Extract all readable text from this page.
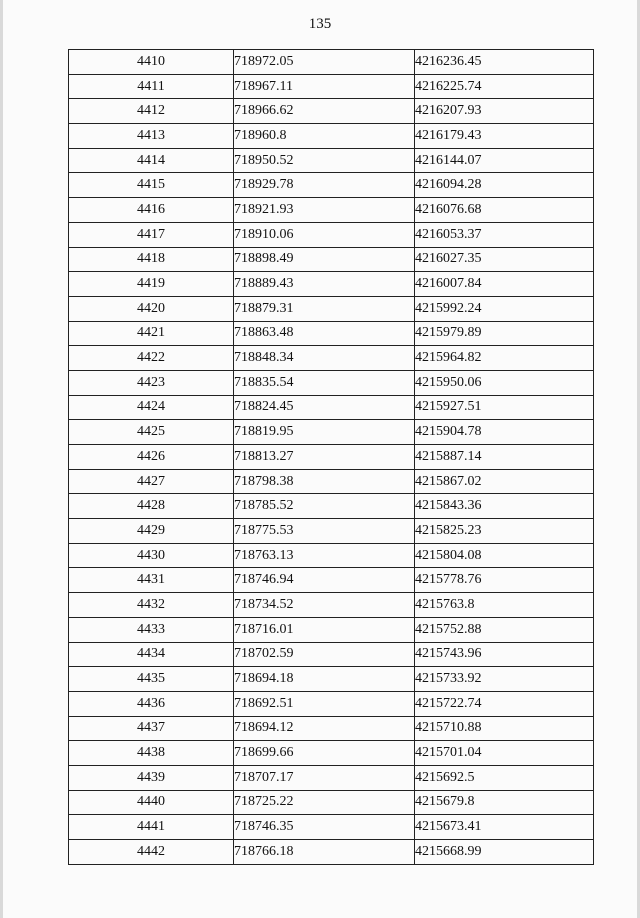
135
4410	718972.05	4216236.45
4411	718967.11	4216225.74
4412	718966.62	4216207.93
4413	718960.8	4216179.43
4414	718950.52	4216144.07
4415	718929.78	4216094.28
4416	718921.93	4216076.68
4417	718910.06	4216053.37
4418	718898.49	4216027.35
4419	718889.43	4216007.84
4420	718879.31	4215992.24
4421	718863.48	4215979.89
4422	718848.34	4215964.82
4423	718835.54	4215950.06
4424	718824.45	4215927.51
4425	718819.95	4215904.78
4426	718813.27	4215887.14
4427	718798.38	4215867.02
4428	718785.52	4215843.36
4429	718775.53	4215825.23
4430	718763.13	4215804.08
4431	718746.94	4215778.76
4432	718734.52	4215763.8
4433	718716.01	4215752.88
4434	718702.59	4215743.96
4435	718694.18	4215733.92
4436	718692.51	4215722.74
4437	718694.12	4215710.88
4438	718699.66	4215701.04
4439	718707.17	4215692.5
4440	718725.22	4215679.8
4441	718746.35	4215673.41
4442	718766.18	4215668.99
